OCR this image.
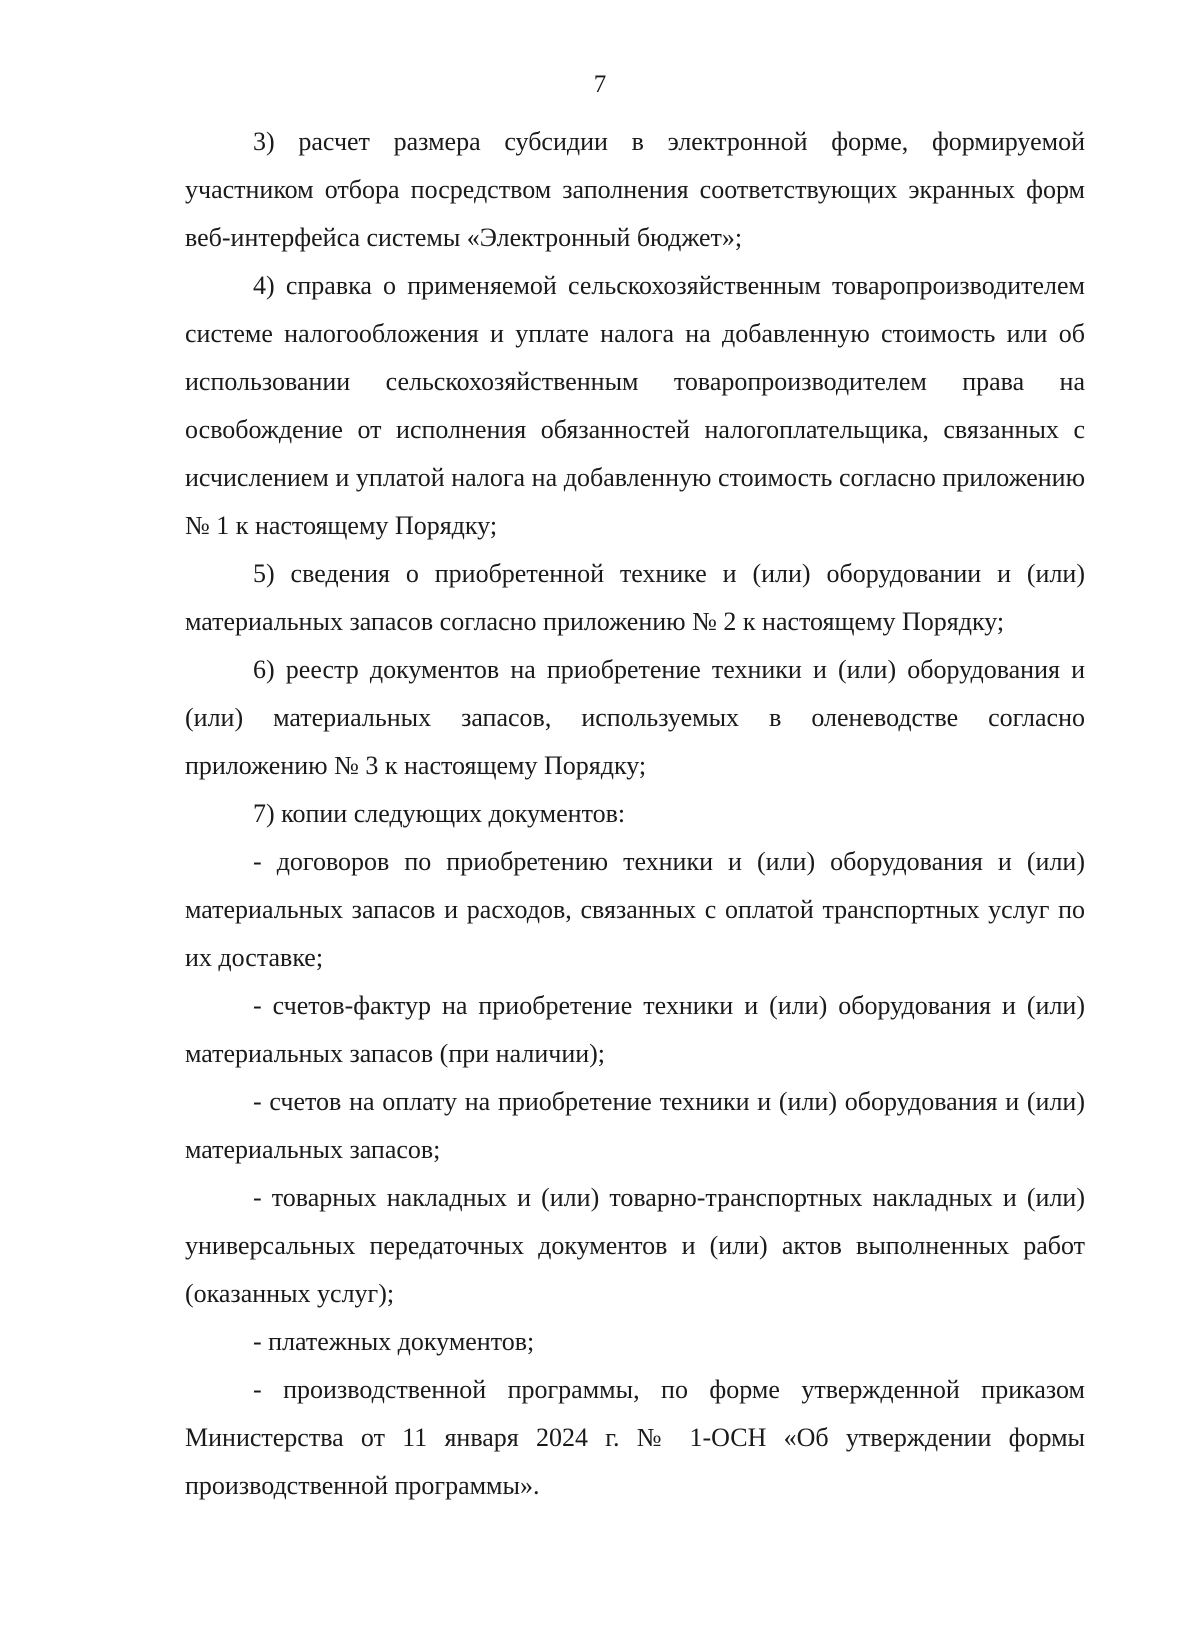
7

3) расчет размера субсидии в электронной форме, формируемой участником отбора посредством заполнения соответствующих экранных форм веб-интерфейса системы «Электронный бюджет»;

4) справка о применяемой сельскохозяйственным товаропроизводителем системе налогообложения и уплате налога на добавленную стоимость или об использовании сельскохозяйственным товаропроизводителем права на освобождение от исполнения обязанностей налогоплательщика, связанных с исчислением и уплатой налога на добавленную стоимость согласно приложению № 1 к настоящему Порядку;

5) сведения о приобретенной технике и (или) оборудовании и (или) материальных запасов согласно приложению № 2 к настоящему Порядку;

6) реестр документов на приобретение техники и (или) оборудования и (или) материальных запасов, используемых в оленеводстве согласно приложению № 3 к настоящему Порядку;

7) копии следующих документов:

- договоров по приобретению техники и (или) оборудования и (или) материальных запасов и расходов, связанных с оплатой транспортных услуг по их доставке;

- счетов-фактур на приобретение техники и (или) оборудования и (или) материальных запасов (при наличии);

- счетов на оплату на приобретение техники и (или) оборудования и (или) материальных запасов;

- товарных накладных и (или) товарно-транспортных накладных и (или) универсальных передаточных документов и (или) актов выполненных работ (оказанных услуг);

- платежных документов;

- производственной программы, по форме утвержденной приказом Министерства от 11 января 2024 г. № 1-ОСН «Об утверждении формы производственной программы».
